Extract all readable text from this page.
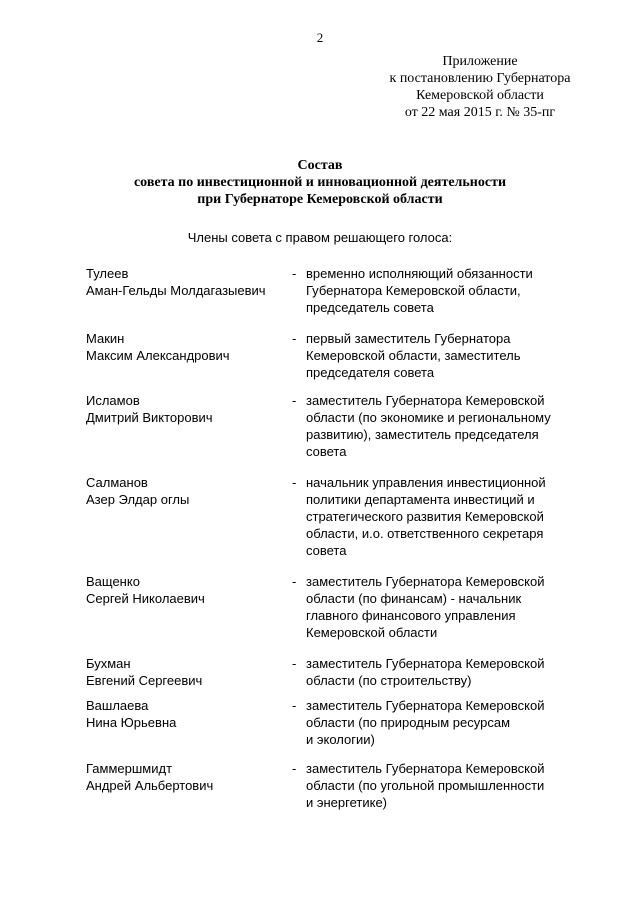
2
Приложение
к постановлению Губернатора
Кемеровской области
от 22 мая 2015 г. № 35-пг
Состав
совета по инвестиционной и инновационной деятельности
при Губернаторе Кемеровской области
Члены совета с правом решающего голоса:
Тулеев
Аман-Гельды Молдагазыевич
- временно исполняющий обязанности
Губернатора Кемеровской области,
председатель совета
Макин
Максим Александрович
- первый заместитель Губернатора
Кемеровской области, заместитель
председателя совета
Исламов
Дмитрий Викторович
- заместитель Губернатора Кемеровской
области (по экономике и региональному
развитию), заместитель председателя
совета
Салманов
Азер Элдар оглы
- начальник управления инвестиционной
политики департамента инвестиций и
стратегического развития Кемеровской
области, и.о. ответственного секретаря
совета
Ващенко
Сергей Николаевич
- заместитель Губернатора Кемеровской
области (по финансам) - начальник
главного финансового управления
Кемеровской области
Бухман
Евгений Сергеевич
- заместитель Губернатора Кемеровской
области (по строительству)
Вашлаева
Нина Юрьевна
- заместитель Губернатора Кемеровской
области (по природным ресурсам
и экологии)
Гаммершмидт
Андрей Альбертович
- заместитель Губернатора Кемеровской
области (по угольной промышленности
и энергетике)
